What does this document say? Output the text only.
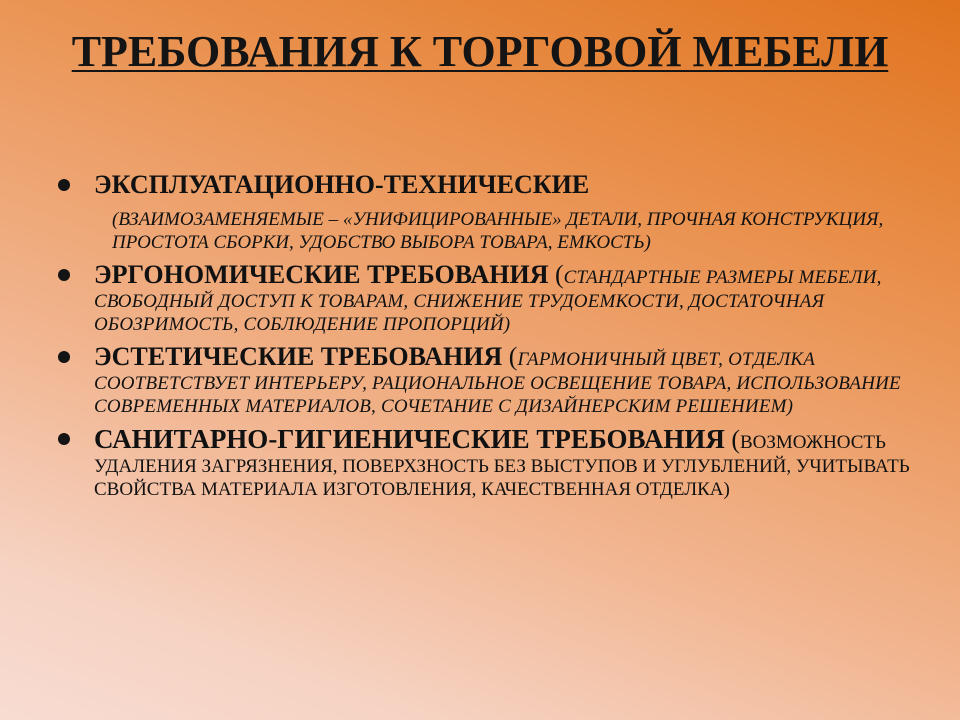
ТРЕБОВАНИЯ К ТОРГОВОЙ МЕБЕЛИ
ЭКСПЛУАТАЦИОННО-ТЕХНИЧЕСКИЕ
(ВЗАИМОЗАМЕНЯЕМЫЕ – «УНИФИЦИРОВАННЫЕ» ДЕТАЛИ, ПРОЧНАЯ КОНСТРУКЦИЯ, ПРОСТОТА СБОРКИ, УДОБСТВО ВЫБОРА ТОВАРА, ЕМКОСТЬ)
ЭРГОНОМИЧЕСКИЕ ТРЕБОВАНИЯ (СТАНДАРТНЫЕ РАЗМЕРЫ МЕБЕЛИ, СВОБОДНЫЙ ДОСТУП К ТОВАРАМ, СНИЖЕНИЕ ТРУДОЕМКОСТИ, ДОСТАТОЧНАЯ ОБОЗРИМОСТЬ, СОБЛЮДЕНИЕ ПРОПОРЦИЙ)
ЭСТЕТИЧЕСКИЕ ТРЕБОВАНИЯ (ГАРМОНИЧНЫЙ ЦВЕТ, ОТДЕЛКА СООТВЕТСТВУЕТ ИНТЕРЬЕРУ, РАЦИОНАЛЬНОЕ ОСВЕЩЕНИЕ ТОВАРА, ИСПОЛЬЗОВАНИЕ СОВРЕМЕННЫХ МАТЕРИАЛОВ, СОЧЕТАНИЕ С ДИЗАЙНЕРСКИМ РЕШЕНИЕМ)
САНИТАРНО-ГИГИЕНИЧЕСКИЕ ТРЕБОВАНИЯ (ВОЗМОЖНОСТЬ УДАЛЕНИЯ ЗАГРЯЗНЕНИЯ, ПОВЕРХЗНОСТЬ БЕЗ ВЫСТУПОВ И УГЛУБЛЕНИЙ, УЧИТЫВАТЬ СВОЙСТВА МАТЕРИАЛА ИЗГОТОВЛЕНИЯ, КАЧЕСТВЕННАЯ ОТДЕЛКА)
